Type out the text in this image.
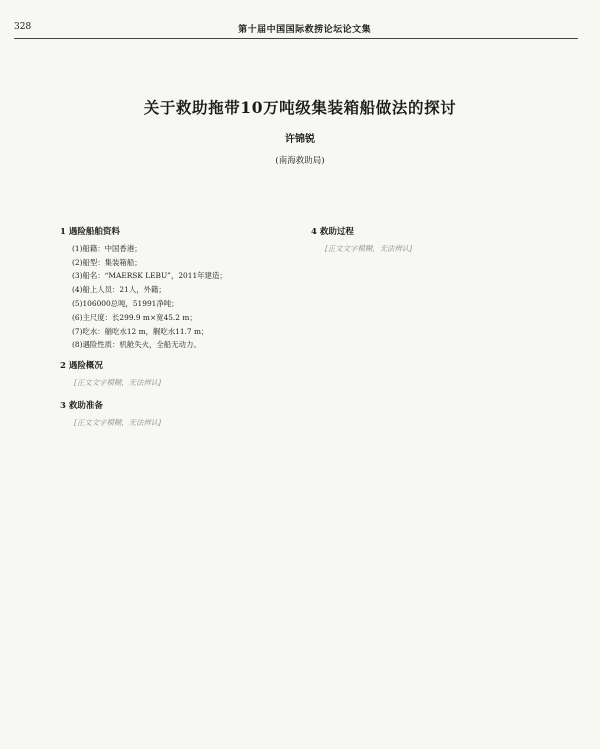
328	第十届中国国际救捞论坛论文集
关于救助拖带10万吨级集装箱船做法的探讨
许锦锐
(南海救助局)
1 遇险船舶资料
(1)船籍：中国香港；
(2)船型：集装箱船；
(3)船名：“MAERSK LEBU”，2011年建造；
(4)船上人员：21人，外籍；
(5)106000总吨，51991净吨；
(6)主尺度：长299.9 m×宽45.2 m；
(7)吃水：艏吃水12 m，艉吃水11.7 m；
(8)遇险性质：机舱失火，全船无动力。
2 遇险概况

[正文文字模糊，无法辨认]

3 救助准备

[正文文字模糊，无法辨认]

4 救助过程

[正文文字模糊，无法辨认]
